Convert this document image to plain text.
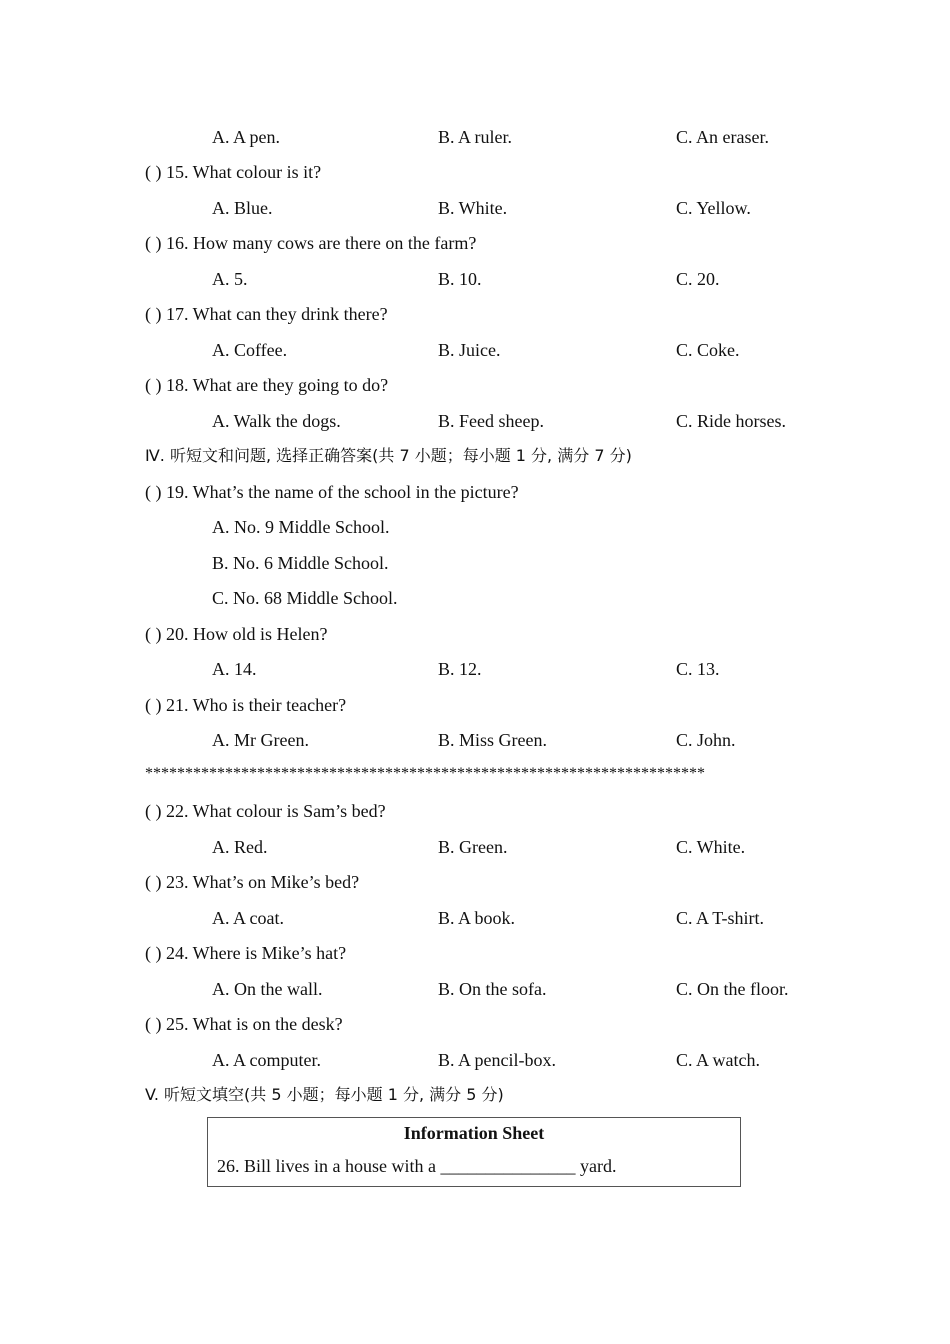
A. A pen.	B. A ruler.	C. An eraser.
( ) 15. What colour is it?
A. Blue.	B. White.	C. Yellow.
( ) 16. How many cows are there on the farm?
A. 5.	B. 10.	C. 20.
( ) 17. What can they drink there?
A. Coffee.	B. Juice.	C. Coke.
( ) 18. What are they going to do?
A. Walk the dogs.	B. Feed sheep.	C. Ride horses.
Ⅳ. 听短文和问题, 选择正确答案(共 7 小题；每小题 1 分, 满分 7 分)
( ) 19. What’s the name of the school in the picture?
A. No. 9 Middle School.
B. No. 6 Middle School.
C. No. 68 Middle School.
( ) 20. How old is Helen?
A. 14.	B. 12.	C. 13.
( ) 21. Who is their teacher?
A. Mr Green.	B. Miss Green.	C. John.
**********************************************************************
( ) 22. What colour is Sam’s bed?
A. Red.	B. Green.	C. White.
( ) 23. What’s on Mike’s bed?
A. A coat.	B. A book.	C. A T-shirt.
( ) 24. Where is Mike’s hat?
A. On the wall.	B. On the sofa.	C. On the floor.
( ) 25. What is on the desk?
A. A computer.	B. A pencil-box.	C. A watch.
V. 听短文填空(共 5 小题；每小题 1 分, 满分 5 分)
Information Sheet
26. Bill lives in a house with a _______________ yard.
